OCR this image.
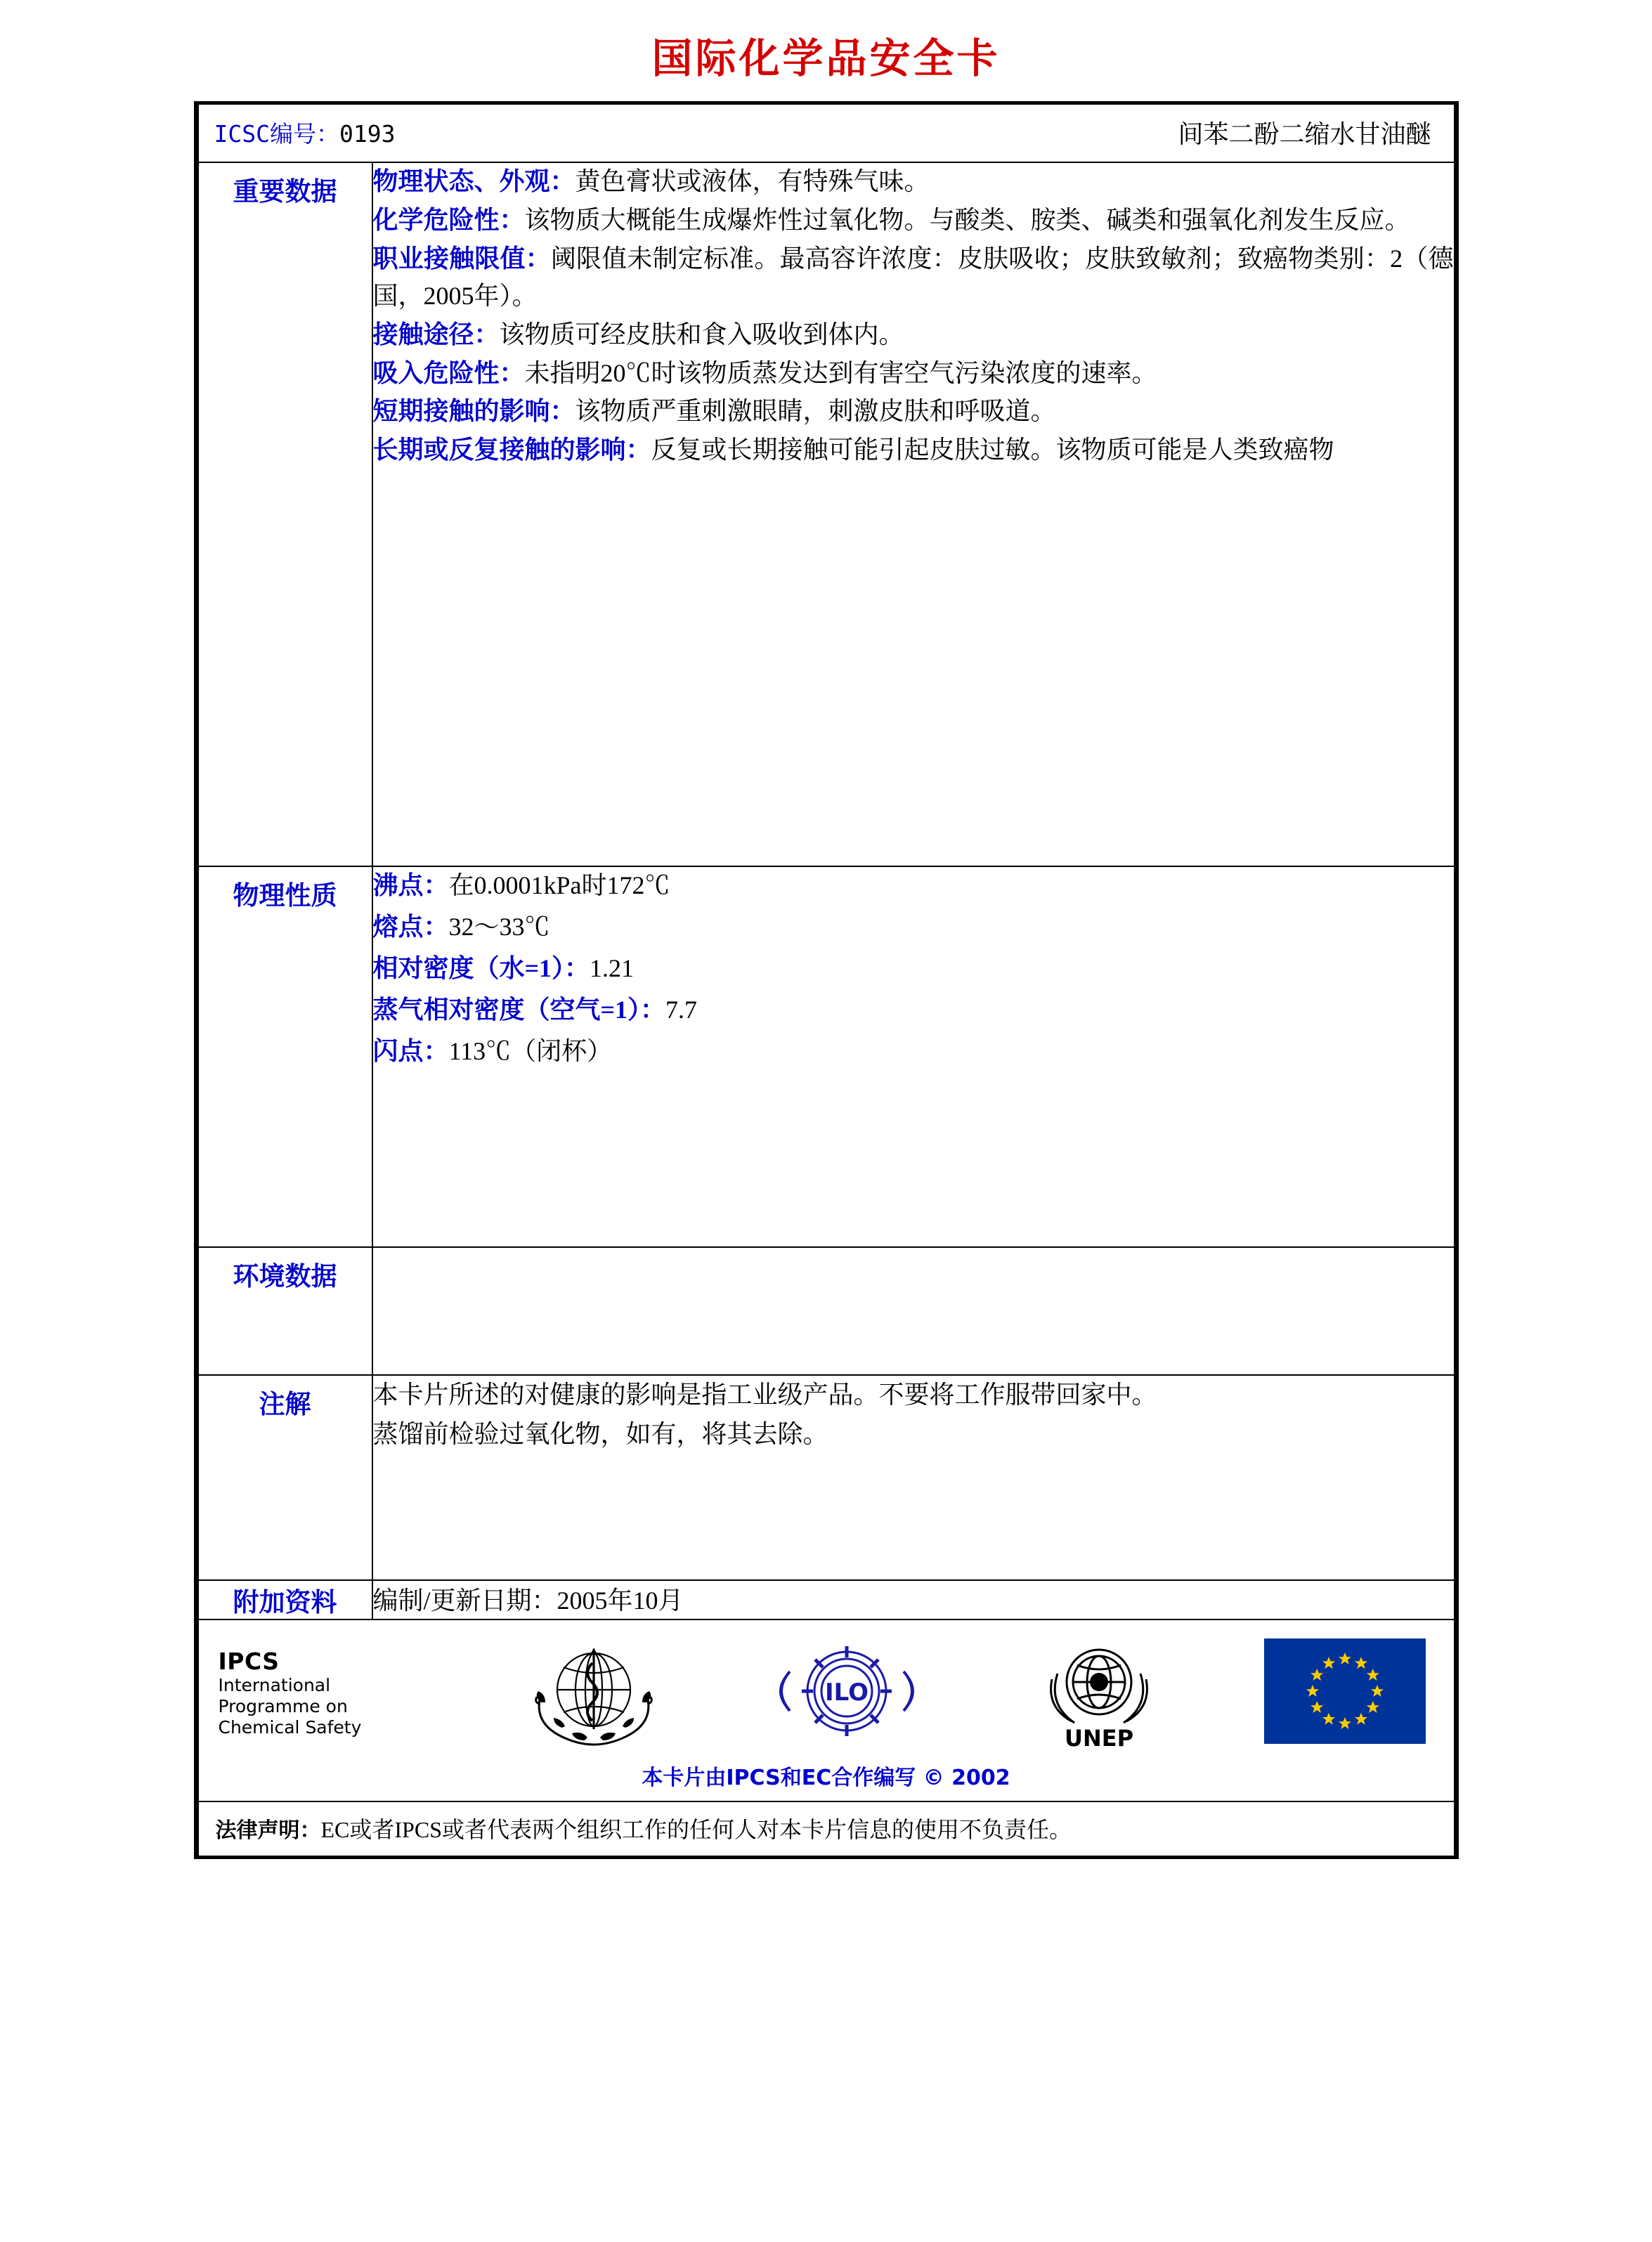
国际化学品安全卡
ICSC编号：0193 间苯二酚二缩水甘油醚	

重要数据	物理状态、外观：黄色膏状或液体，有特殊气味。

化学危险性：该物质大概能生成爆炸性过氧化物。与酸类、胺类、碱类和强氧化剂发生反应。

职业接触限值：阈限值未制定标准。最高容许浓度：皮肤吸收；皮肤致敏剂；致癌物类别：2（德国，2005年）。

接触途径：该物质可经皮肤和食入吸收到体内。

吸入危险性：未指明20℃时该物质蒸发达到有害空气污染浓度的速率。

短期接触的影响：该物质严重刺激眼睛，刺激皮肤和呼吸道。

长期或反复接触的影响：反复或长期接触可能引起皮肤过敏。该物质可能是人类致癌物

物理性质	沸点：在0.0001kPa时172℃

熔点：32～33℃

相对密度（水=1）：1.21

蒸气相对密度（空气=1）：7.7

闪点：113℃（闭杯）

环境数据	

注解	本卡片所述的对健康的影响是指工业级产品。不要将工作服带回家中。

蒸馏前检验过氧化物，如有，将其去除。

附加资料	编制/更新日期：2005年10月

IPCS
International
Programme on
Chemical Safety
ILO
UNEP
本卡片由IPCS和EC合作编写 © 2002

法律声明：EC或者IPCS或者代表两个组织工作的任何人对本卡片信息的使用不负责任。	
